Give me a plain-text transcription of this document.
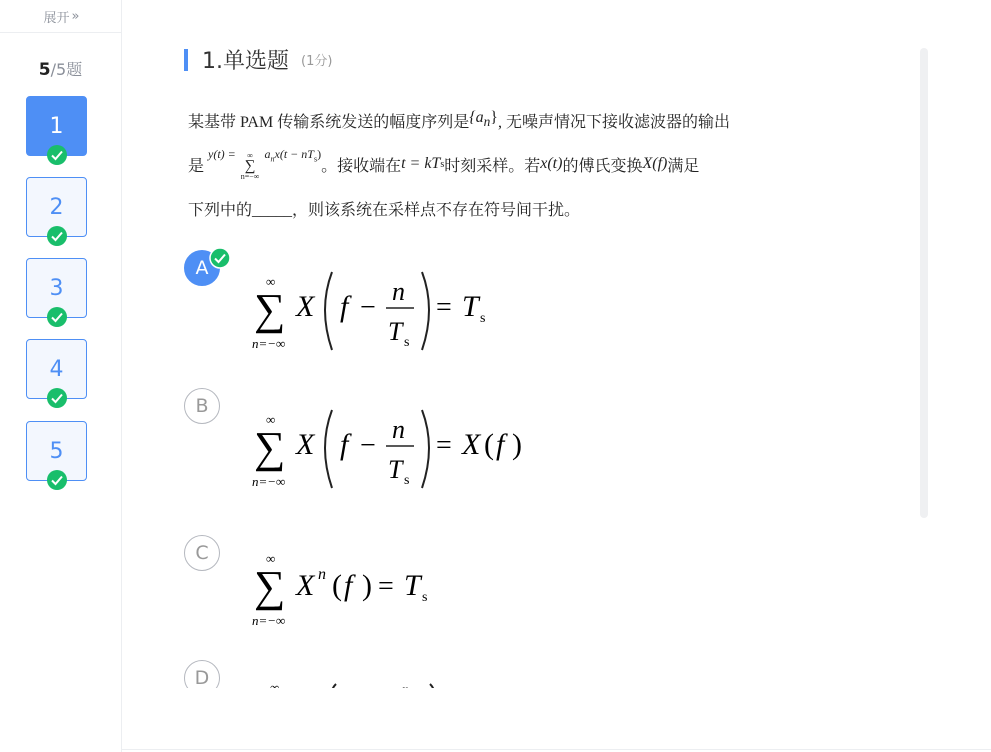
展开 »
5/5题
1
2
3
4
5
1.单选题 (1分)
某基带 PAM 传输系统发送的幅度序列是 $\{a_n\}$ , 无噪声情况下接收滤波器的输出
是
y(t) = ∞
∑
n=−∞
$a_nx(t - nT_s)$
。接收端在 t = kT s 时刻采样。若 x(t) 的傅氏变换 X(f) 满足
下列中的_____，则该系统在采样点不存在符号间干扰。
A
∞
∑
n=−∞
X f −
n
T s
= T s
B
∞
∑
n=−∞
X f −
n
T s
= X ( f )
C	∞
∑
n=−∞
X n ( f ) = T s
D	∞	n
